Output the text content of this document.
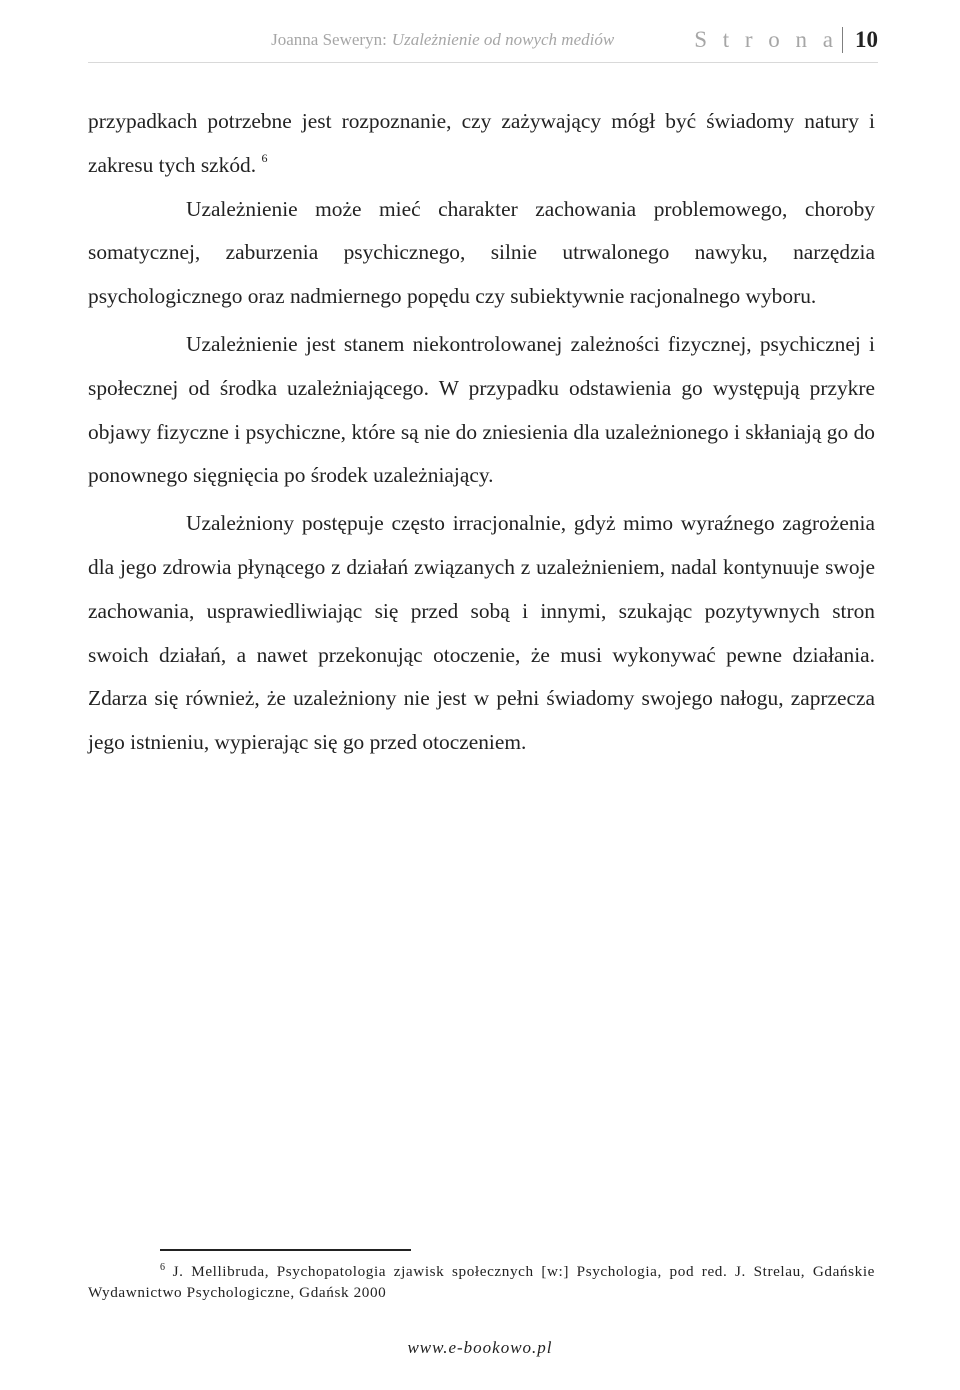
Joanna Seweryn: Uzależnienie od nowych mediów	S t r o n a 10

przypadkach potrzebne jest rozpoznanie, czy zażywający mógł być świadomy natury i zakresu tych szkód. $^6$

Uzależnienie może mieć charakter zachowania problemowego, choroby somatycznej, zaburzenia psychicznego, silnie utrwalonego nawyku, narzędzia psychologicznego oraz nadmiernego popędu czy subiektywnie racjonalnego wyboru.

Uzależnienie jest stanem niekontrolowanej zależności fizycznej, psychicznej i społecznej od środka uzależniającego. W przypadku odstawienia go występują przykre objawy fizyczne i psychiczne, które są nie do zniesienia dla uzależnionego i skłaniają go do ponownego sięgnięcia po środek uzależniający.

Uzależniony postępuje często irracjonalnie, gdyż mimo wyraźnego zagrożenia dla jego zdrowia płynącego z działań związanych z uzależnieniem, nadal kontynuuje swoje zachowania, usprawiedliwiając się przed sobą i innymi, szukając pozytywnych stron swoich działań, a nawet przekonując otoczenie, że musi wykonywać pewne działania. Zdarza się również, że uzależniony nie jest w pełni świadomy swojego nałogu, zaprzecza jego istnieniu, wypierając się go przed otoczeniem.

$^6$ J. Mellibruda, Psychopatologia zjawisk społecznych [w:] Psychologia, pod red. J. Strelau, Gdańskie Wydawnictwo Psychologiczne, Gdańsk 2000

www.e-bookowo.pl
